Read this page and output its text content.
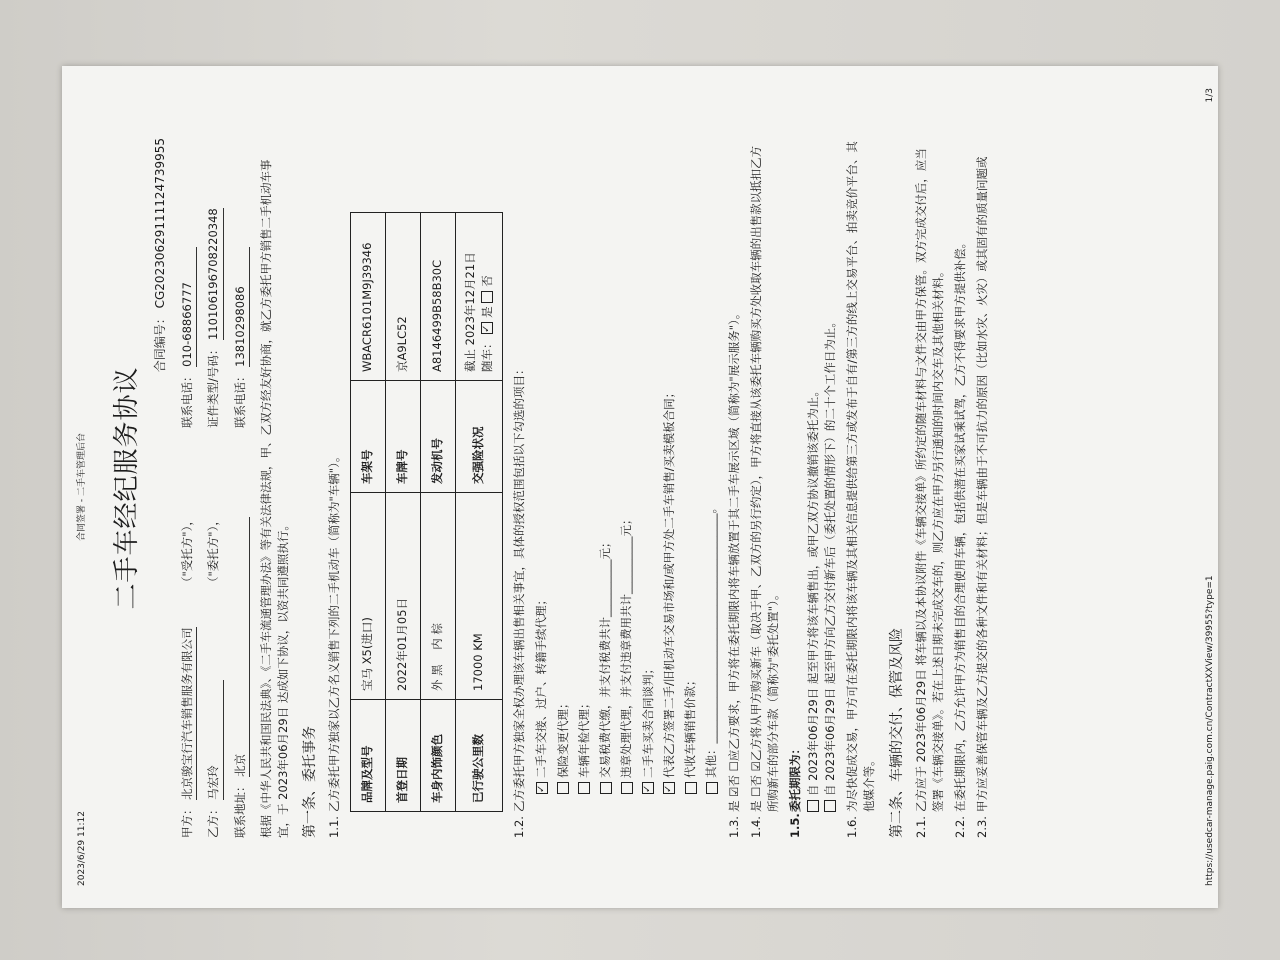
2023/6/29 11:12
合同签署 - 二手车管理后台 二手车经纪服务协议
合同编号： CG20230629111124739955
甲方： 北京骏宝行汽车销售服务有限公司
（"受托方"），
联系电话： 010-68866777
乙方： 马宏玲
（"委托方"），
证件类型/号码： 110106196708220348
联系地址： 北京
联系电话： 13810298086 根据《中华人民共和国民法典》、《二手车流通管理办法》等有关法律法规，甲、乙双方经友好协商，就乙方委托甲方销售二手机动车事宜，于 2023年06月29日 达成如下协议，以资共同遵照执行。 第一条、委托事务 1.1.
乙方委托甲方独家以乙方名义销售下列的二手机动车（简称为"车辆"）。 品牌及型号	宝马 X5(进口)	车架号	WBACR6101M9J39346
首登日期	2022年01月05日	车牌号	京A9LC52
车身内饰颜色	外 黑    内 棕	发动机号	A8146499B58B30C
已行驶公里数	17000 KM	交强险状况	截止 2023年12月21日 随车： ✓是 否
1.2.
乙方委托甲方独家全权办理该车辆出售相关事宜，具体的授权范围包括以下勾选的项目：
✓ 二手车交接、过户、转籍手续代理； 保险变更代理； 车辆年检代理； 交易税费代缴，并支付税费共计__________元； 违章处理代理，并支付违章费用共计__________元；
✓ 二手车买卖合同谈判；
✓ 代表乙方签署二手/旧机动车交易市场和/或甲方处二手车销售/买卖模板合同； 代收车辆销售价款； 其他：________________________________________。
1.3.
是 ☑否 ☐应乙方要求，甲方将在委托期限内将车辆放置于其二手车展示区域（简称为"展示服务"）。
1.4.
是 ☐否 ☑乙方将从甲方购买新车（取决于甲、乙双方的另行约定），甲方将直接从该委托车辆购买方处收取车辆的出售款以抵扣乙方所购新车的部分车款（简称为"委托处置"）。
1.5.
委托期限为： 自 2023年06月29日 起至甲方将该车辆售出，或甲乙双方协议撤销该委托为止。 自 2023年06月29日 起至甲方向乙方交付新车后（委托处置的情形下）的二十个工作日为止。
1.6.
为尽快促成交易，甲方可在委托期限内将该车辆及其相关信息提供给第三方或发布于自有/第三方的线上交易平台、拍卖竞价平台、其他媒介等。 第二条、车辆的交付、保管及风险 2.1.
乙方应于 2023年06月29日 将车辆以及本协议附件《车辆交接单》所约定的随车材料与文件交由甲方保管。双方完成交付后，应当签署《车辆交接单》。若在上述日期未完成交车的，则乙方应在甲方另行通知的时间内交车及其他相关材料。
2.2.
在委托期限内，乙方允许甲方为销售目的合理使用车辆，包括供潜在买家试乘试驾，乙方不得要求甲方提供补偿。
2.3.
甲方应妥善保管车辆及乙方提交的各种文件和有关材料；但是车辆由于不可抗力的原因（比如水灾、火灾）或其固有的质量问题或	https://usedcar-manage.paig.com.cn/ContractXXView/39955?type=1
1/3
